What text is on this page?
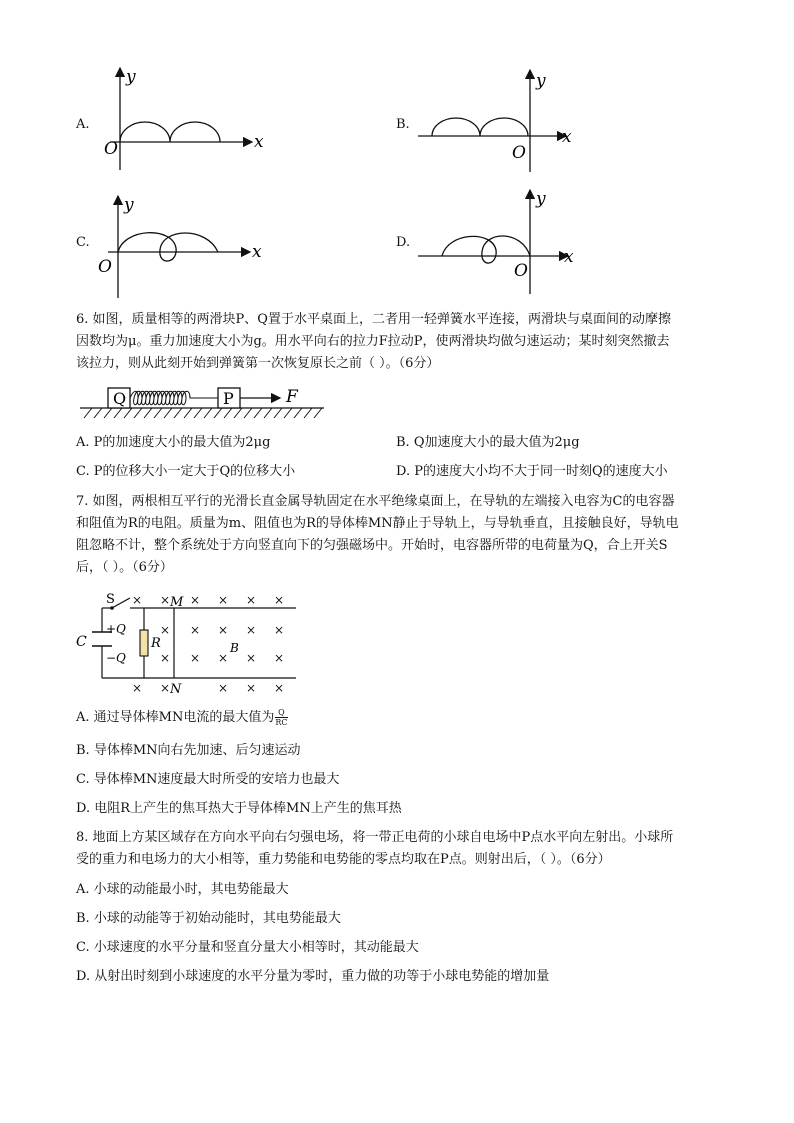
A.
y
x
O
B.
y
x
O
C.
y
x
O
D.
y
x
O
6. 如图，质量相等的两滑块P、Q置于水平桌面上，二者用一轻弹簧水平连接，两滑块与桌面间的动摩擦
因数均为μ。重力加速度大小为g。用水平向右的拉力F拉动P，使两滑块均做匀速运动；某时刻突然撤去
该拉力，则从此刻开始到弹簧第一次恢复原长之前（ ）。（6分）
Q	P	F
A. P的加速度大小的最大值为2μg	B. Q加速度大小的最大值为2μg
C. P的位移大小一定大于Q的位移大小	D. P的速度大小均不大于同一时刻Q的速度大小
7. 如图，两根相互平行的光滑长直金属导轨固定在水平绝缘桌面上，在导轨的左端接入电容为C的电容器
和阻值为R的电阻。质量为m、阻值也为R的导体棒MN静止于导轨上，与导轨垂直，且接触良好，导轨电
阻忽略不计，整个系统处于方向竖直向下的匀强磁场中。开始时，电容器所带的电荷量为Q，合上开关S
后，（ ）。（6分）
S
C
+Q
−Q
R
M
N
B
× × × × × ×
× × × × ×
× × × × ×
× ×	× × ×
A. 通过导体棒MN电流的最大值为 $\frac{Q}{RC}$
B. 导体棒MN向右先加速、后匀速运动
C. 导体棒MN速度最大时所受的安培力也最大
D. 电阻R上产生的焦耳热大于导体棒MN上产生的焦耳热
8. 地面上方某区域存在方向水平向右匀强电场，将一带正电荷的小球自电场中P点水平向左射出。小球所
受的重力和电场力的大小相等，重力势能和电势能的零点均取在P点。则射出后，（ ）。（6分）
A. 小球的动能最小时，其电势能最大
B. 小球的动能等于初始动能时，其电势能最大
C. 小球速度的水平分量和竖直分量大小相等时，其动能最大
D. 从射出时刻到小球速度的水平分量为零时，重力做的功等于小球电势能的增加量
